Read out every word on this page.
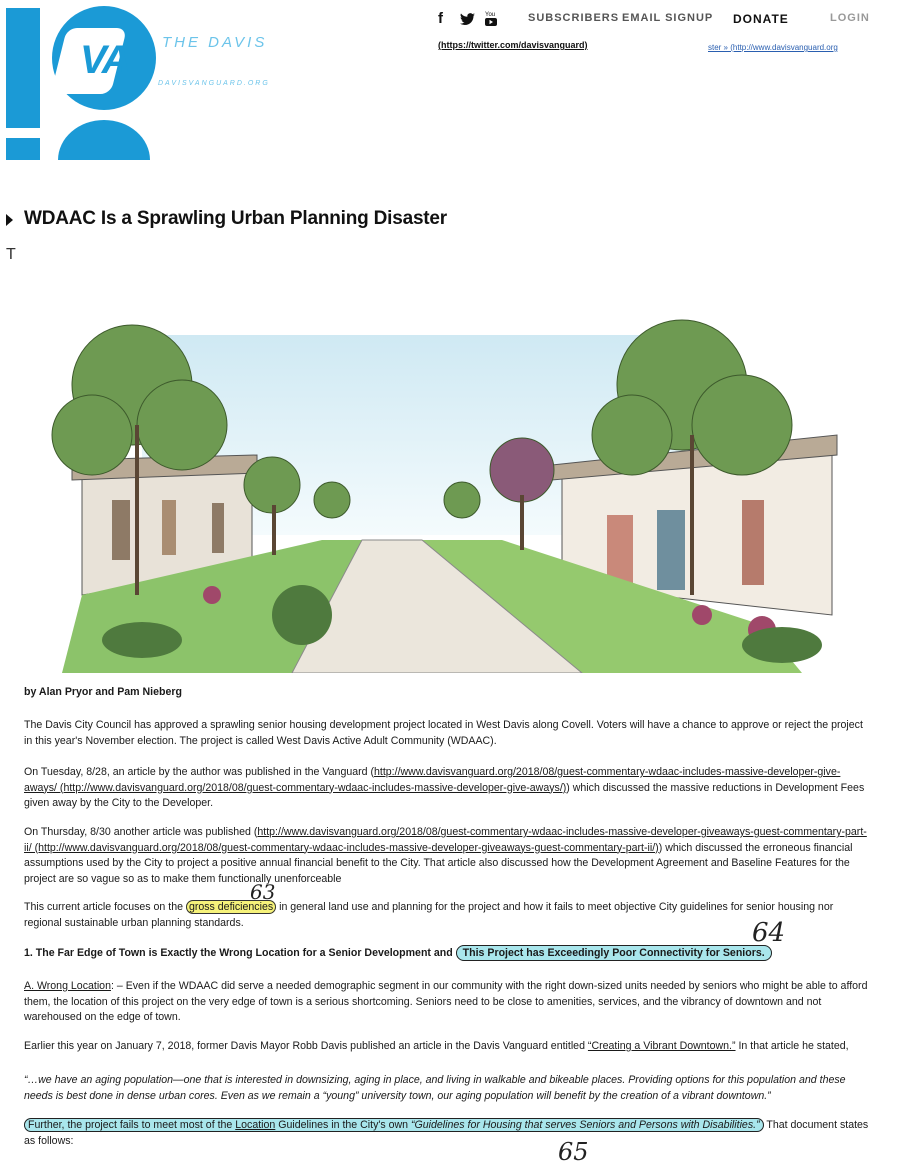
VA THE DAVIS
DAVISVANGUARD.ORG
f	You	SUBSCRIBERS EMAIL SIGNUP DONATE	LOGIN
(https://twitter.com/davisvanguard)	ster » (http://www.davisvanguard.org
WDAAC Is a Sprawling Urban Planning Disaster
T

by Alan Pryor and Pam Nieberg

The Davis City Council has approved a sprawling senior housing development project located in West Davis along Covell. Voters will have a chance to approve or reject the project in this year's November election. The project is called West Davis Active Adult Community (WDAAC).

On Tuesday, 8/28, an article by the author was published in the Vanguard (http://www.davisvanguard.org/2018/08/guest-commentary-wdaac-includes-massive-developer-give-aways/ (http://www.davisvanguard.org/2018/08/guest-commentary-wdaac-includes-massive-developer-give-aways/)) which discussed the massive reductions in Development Fees given away by the City to the Developer.

On Thursday, 8/30 another article was published (http://www.davisvanguard.org/2018/08/guest-commentary-wdaac-includes-massive-developer-giveaways-guest-commentary-part-ii/ (http://www.davisvanguard.org/2018/08/guest-commentary-wdaac-includes-massive-developer-giveaways-guest-commentary-part-ii/)) which discussed the erroneous financial assumptions used by the City to project a positive annual financial benefit to the City. That article also discussed how the Development Agreement and Baseline Features for the project are so vague so as to make them functionally unenforceable

This current article focuses on the gross deficiencies in general land use and planning for the project and how it fails to meet objective City guidelines for senior housing nor regional sustainable urban planning standards.

1. The Far Edge of Town is Exactly the Wrong Location for a Senior Development and This Project has Exceedingly Poor Connectivity for Seniors.

A. Wrong Location: – Even if the WDAAC did serve a needed demographic segment in our community with the right down-sized units needed by seniors who might be able to afford them, the location of this project on the very edge of town is a serious shortcoming. Seniors need to be close to amenities, services, and the vibrancy of downtown and not warehoused on the edge of town.

Earlier this year on January 7, 2018, former Davis Mayor Robb Davis published an article in the Davis Vanguard entitled “Creating a Vibrant Downtown.” In that article he stated,

“…we have an aging population—one that is interested in downsizing, aging in place, and living in walkable and bikeable places. Providing options for this population and these needs is best done in dense urban cores. Even as we remain a “young” university town, our aging population will benefit by the creation of a vibrant downtown.”

Further, the project fails to meet most of the Location Guidelines in the City's own “Guidelines for Housing that serves Seniors and Persons with Disabilities.” That document states as follows:

63
64
65
